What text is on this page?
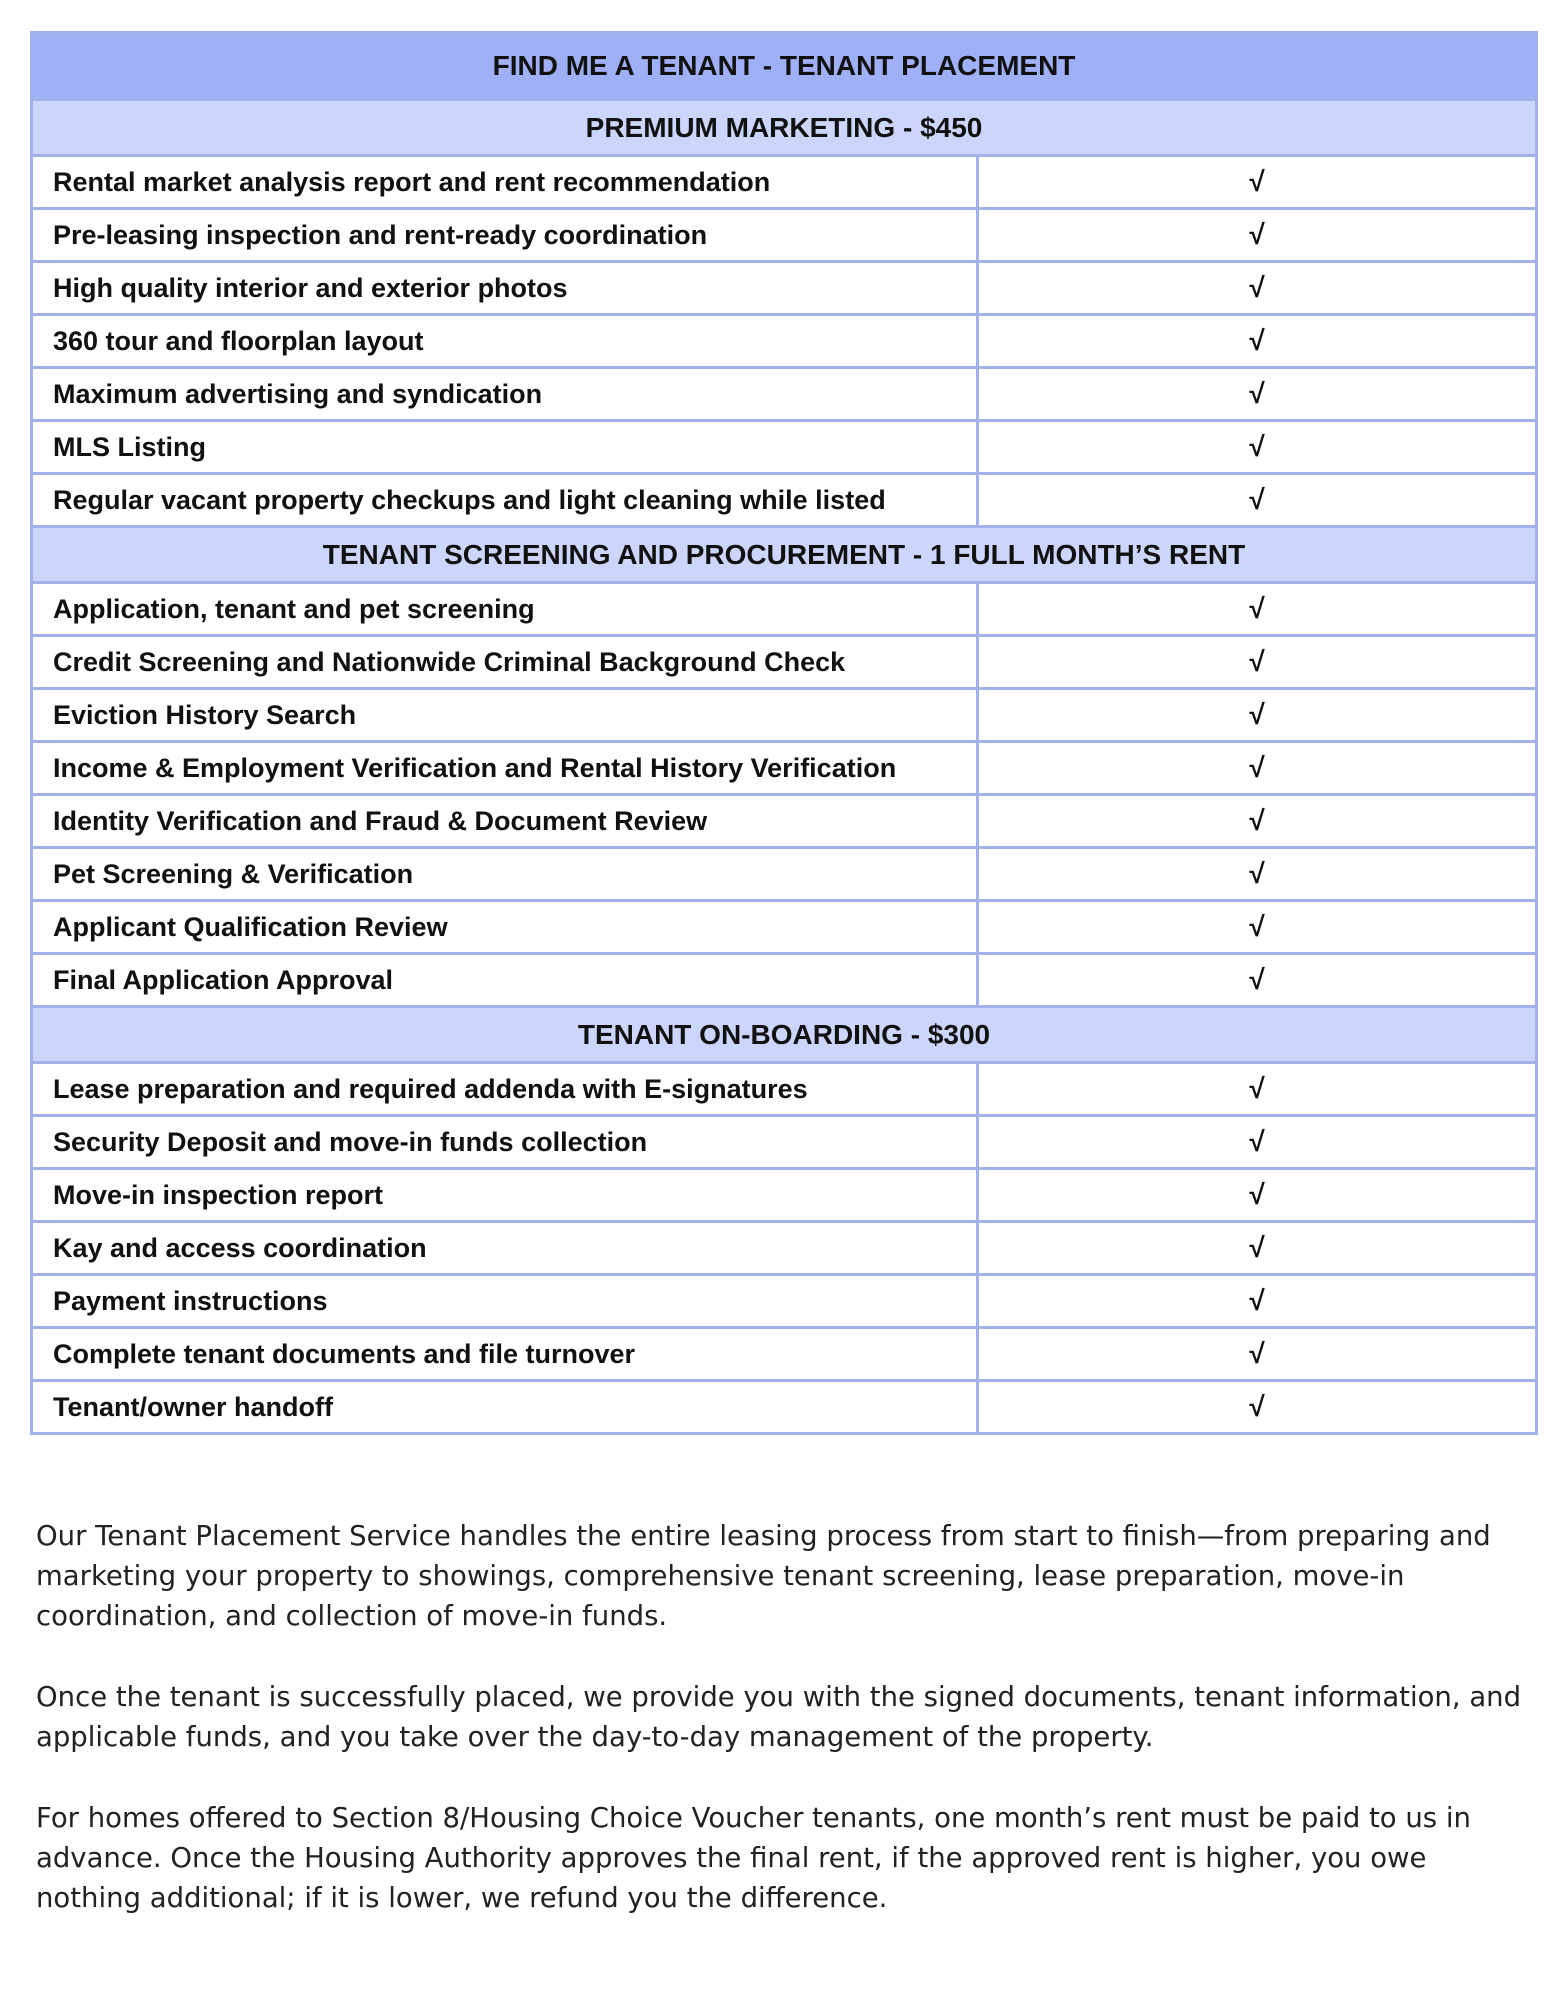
FIND ME A TENANT - TENANT PLACEMENT	
PREMIUM MARKETING - $450	
Rental market analysis report and rent recommendation	√
Pre-leasing inspection and rent-ready coordination	√
High quality interior and exterior photos	√
360 tour and floorplan layout	√
Maximum advertising and syndication	√
MLS Listing	√
Regular vacant property checkups and light cleaning while listed	√
TENANT SCREENING AND PROCUREMENT - 1 FULL MONTH’S RENT	
Application, tenant and pet screening	√
Credit Screening and Nationwide Criminal Background Check	√
Eviction History Search	√
Income & Employment Verification and Rental History Verification	√
Identity Verification and Fraud & Document Review	√
Pet Screening & Verification	√
Applicant Qualification Review	√
Final Application Approval	√
TENANT ON-BOARDING - $300	
Lease preparation and required addenda with E-signatures	√
Security Deposit and move-in funds collection	√
Move-in inspection report	√
Kay and access coordination	√
Payment instructions	√
Complete tenant documents and file turnover	√
Tenant/owner handoff	√

Our Tenant Placement Service handles the entire leasing process from start to finish—from preparing and marketing your property to showings, comprehensive tenant screening, lease preparation, move-in coordination, and collection of move-in funds.

Once the tenant is successfully placed, we provide you with the signed documents, tenant information, and applicable funds, and you take over the day-to-day management of the property.

For homes offered to Section 8/Housing Choice Voucher tenants, one month’s rent must be paid to us in advance. Once the Housing Authority approves the final rent, if the approved rent is higher, you owe nothing additional; if it is lower, we refund you the difference.
